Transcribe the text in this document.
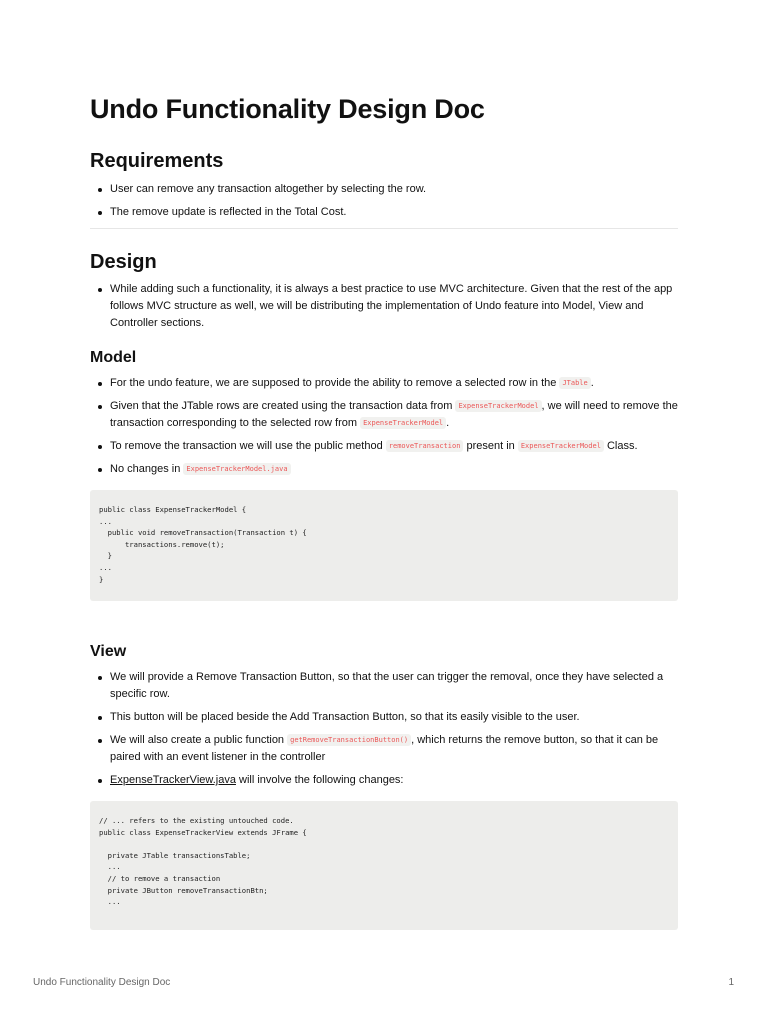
Undo Functionality Design Doc
Requirements
User can remove any transaction altogether by selecting the row.
The remove update is reflected in the Total Cost.
Design
While adding such a functionality, it is always a best practice to use MVC architecture. Given that the rest of the app follows MVC structure as well, we will be distributing the implementation of Undo feature into Model, View and Controller sections.
Model
For the undo feature, we are supposed to provide the ability to remove a selected row in the JTable .
Given that the JTable rows are created using the transaction data from ExpenseTrackerModel , we will need to remove the transaction corresponding to the selected row from ExpenseTrackerModel .
To remove the transaction we will use the public method removeTransaction present in ExpenseTrackerModel Class.
No changes in ExpenseTrackerModel.java
public class ExpenseTrackerModel {
...
public void removeTransaction(Transaction t) {
transactions.remove(t);
}
...
}
View
We will provide a Remove Transaction Button, so that the user can trigger the removal, once they have selected a specific row.
This button will be placed beside the Add Transaction Button, so that its easily visible to the user.
We will also create a public function getRemoveTransactionButton() , which returns the remove button, so that it can be paired with an event listener in the controller
ExpenseTrackerView.java will involve the following changes:
// ... refers to the existing untouched code.
public class ExpenseTrackerView extends JFrame {

private JTable transactionsTable;
...
// to remove a transaction
private JButton removeTransactionBtn;
...
Undo Functionality Design Doc	1
